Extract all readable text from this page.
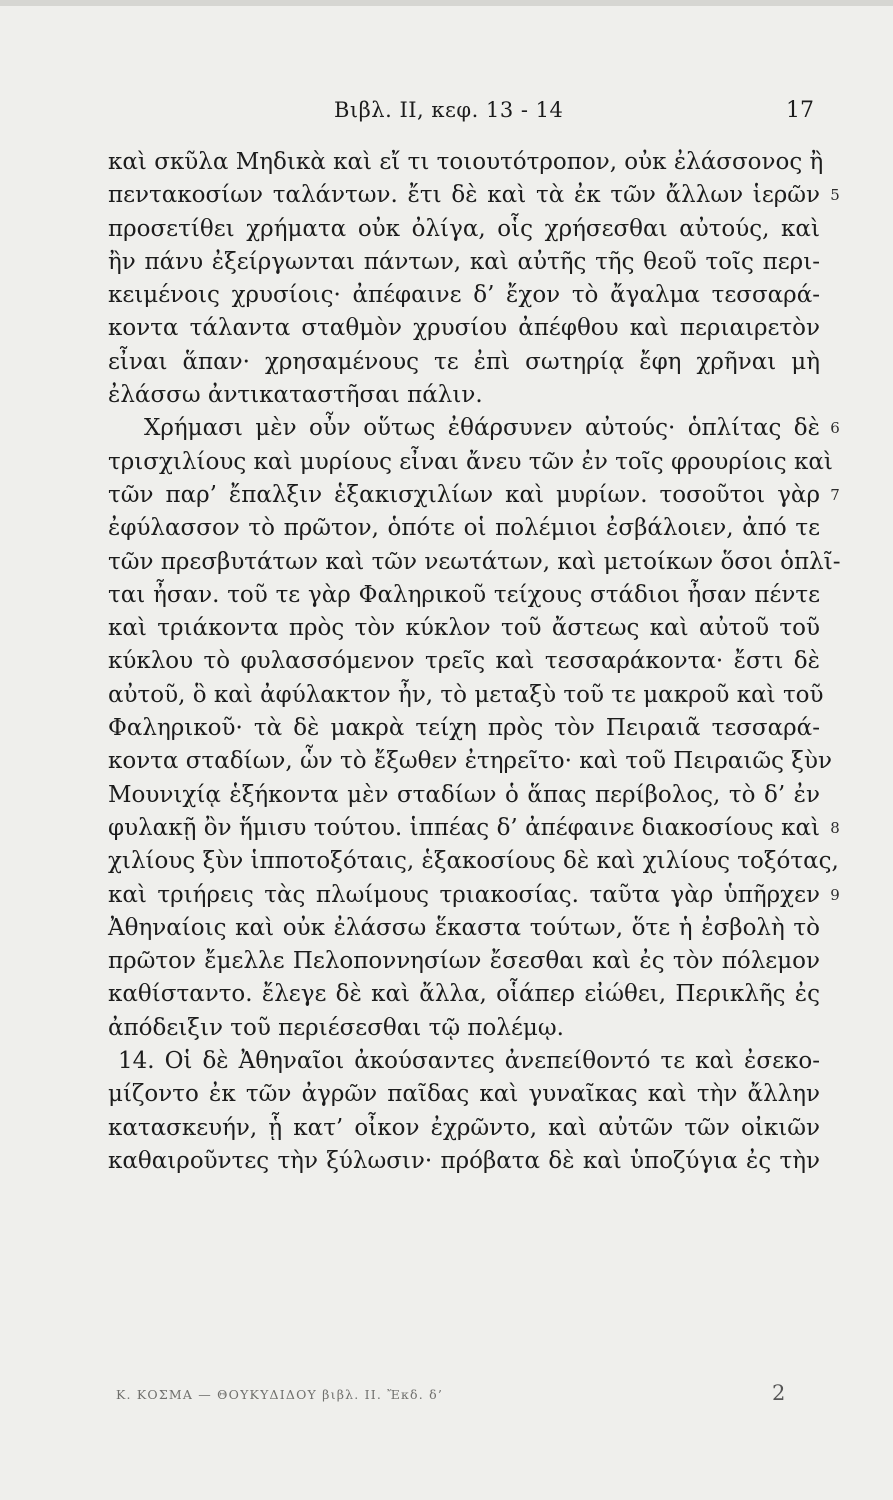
Βιβλ. ΙΙ, κεφ. 13 - 14	17
καὶ σκῦλα Μηδικὰ καὶ εἴ τι τοιουτότροπον, οὐκ ἐλάσσονος ἢ
πεντακοσίων ταλάντων. ἔτι δὲ καὶ τὰ ἐκ τῶν ἄλλων ἱερῶν 5
προσετίθει χρήματα οὐκ ὀλίγα, οἷς χρήσεσθαι αὐτούς, καὶ
ἢν πάνυ ἐξείργωνται πάντων, καὶ αὐτῆς τῆς θεοῦ τοῖς περι-
κειμένοις χρυσίοις· ἀπέφαινε δ’ ἔχον τὸ ἄγαλμα τεσσαρά-
κοντα τάλαντα σταθμὸν χρυσίου ἀπέφθου καὶ περιαιρετὸν
εἶναι ἅπαν· χρησαμένους τε ἐπὶ σωτηρίᾳ ἔφη χρῆναι μὴ
ἐλάσσω ἀντικαταστῆσαι πάλιν.
Χρήμασι μὲν οὖν οὕτως ἐθάρσυνεν αὐτούς· ὁπλίτας δὲ 6
τρισχιλίους καὶ μυρίους εἶναι ἄνευ τῶν ἐν τοῖς φρουρίοις καὶ
τῶν παρ’ ἔπαλξιν ἑξακισχιλίων καὶ μυρίων. τοσοῦτοι γὰρ 7
ἐφύλασσον τὸ πρῶτον, ὁπότε οἱ πολέμιοι ἐσβάλοιεν, ἀπό τε
τῶν πρεσβυτάτων καὶ τῶν νεωτάτων, καὶ μετοίκων ὅσοι ὁπλῖ-
ται ἦσαν. τοῦ τε γὰρ Φαληρικοῦ τείχους στάδιοι ἦσαν πέντε
καὶ τριάκοντα πρὸς τὸν κύκλον τοῦ ἄστεως καὶ αὐτοῦ τοῦ
κύκλου τὸ φυλασσόμενον τρεῖς καὶ τεσσαράκοντα· ἔστι δὲ
αὐτοῦ, ὃ καὶ ἀφύλακτον ἦν, τὸ μεταξὺ τοῦ τε μακροῦ καὶ τοῦ
Φαληρικοῦ· τὰ δὲ μακρὰ τείχη πρὸς τὸν Πειραιᾶ τεσσαρά-
κοντα σταδίων, ὧν τὸ ἔξωθεν ἐτηρεῖτο· καὶ τοῦ Πειραιῶς ξὺν
Μουνιχίᾳ ἑξήκοντα μὲν σταδίων ὁ ἅπας περίβολος, τὸ δ’ ἐν
φυλακῇ ὂν ἥμισυ τούτου. ἱππέας δ’ ἀπέφαινε διακοσίους καὶ 8
χιλίους ξὺν ἱπποτοξόταις, ἑξακοσίους δὲ καὶ χιλίους τοξότας,
καὶ τριήρεις τὰς πλωίμους τριακοσίας. ταῦτα γὰρ ὑπῆρχεν 9
Ἀθηναίοις καὶ οὐκ ἐλάσσω ἕκαστα τούτων, ὅτε ἡ ἐσβολὴ τὸ
πρῶτον ἔμελλε Πελοποννησίων ἔσεσθαι καὶ ἐς τὸν πόλεμον
καθίσταντο. ἔλεγε δὲ καὶ ἄλλα, οἷάπερ εἰώθει, Περικλῆς ἐς
ἀπόδειξιν τοῦ περιέσεσθαι τῷ πολέμῳ.
14. Οἱ δὲ Ἀθηναῖοι ἀκούσαντες ἀνεπείθοντό τε καὶ ἐσεκο-
μίζοντο ἐκ τῶν ἀγρῶν παῖδας καὶ γυναῖκας καὶ τὴν ἄλλην
κατασκευήν, ᾗ κατ’ οἶκον ἐχρῶντο, καὶ αὐτῶν τῶν οἰκιῶν
καθαιροῦντες τὴν ξύλωσιν· πρόβατα δὲ καὶ ὑποζύγια ἐς τὴν
Κ. ΚΟΣΜΑ — ΘΟΥΚΥΔΙΔΟΥ βιβλ. ΙΙ. Ἔκδ. δ’	2
